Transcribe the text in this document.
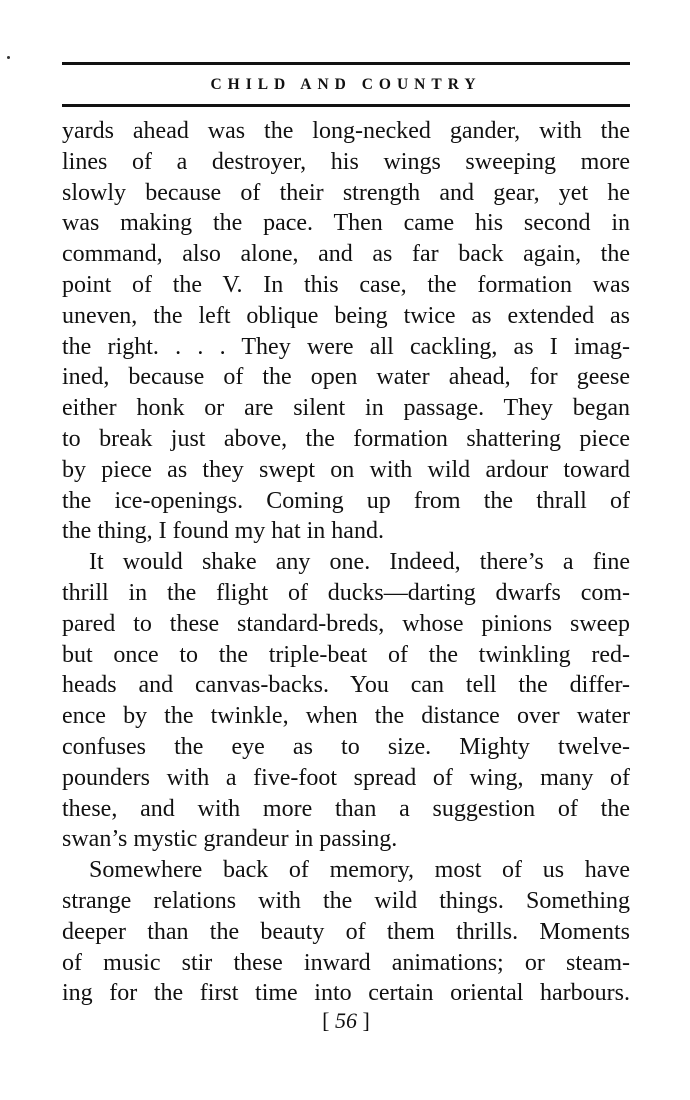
CHILD AND COUNTRY
yards ahead was the long-necked gander, with the
lines of a destroyer, his wings sweeping more
slowly because of their strength and gear, yet he
was making the pace. Then came his second in
command, also alone, and as far back again, the
point of the V. In this case, the formation was
uneven, the left oblique being twice as extended as
the right. . . . They were all cackling, as I imag-
ined, because of the open water ahead, for geese
either honk or are silent in passage. They began
to break just above, the formation shattering piece
by piece as they swept on with wild ardour toward
the ice-openings. Coming up from the thrall of
the thing, I found my hat in hand.
It would shake any one. Indeed, there’s a fine
thrill in the flight of ducks—darting dwarfs com-
pared to these standard-breds, whose pinions sweep
but once to the triple-beat of the twinkling red-
heads and canvas-backs. You can tell the differ-
ence by the twinkle, when the distance over water
confuses the eye as to size. Mighty twelve-
pounders with a five-foot spread of wing, many of
these, and with more than a suggestion of the
swan’s mystic grandeur in passing.
Somewhere back of memory, most of us have
strange relations with the wild things. Something
deeper than the beauty of them thrills. Moments
of music stir these inward animations; or steam-
ing for the first time into certain oriental harbours.
[ 56 ]
